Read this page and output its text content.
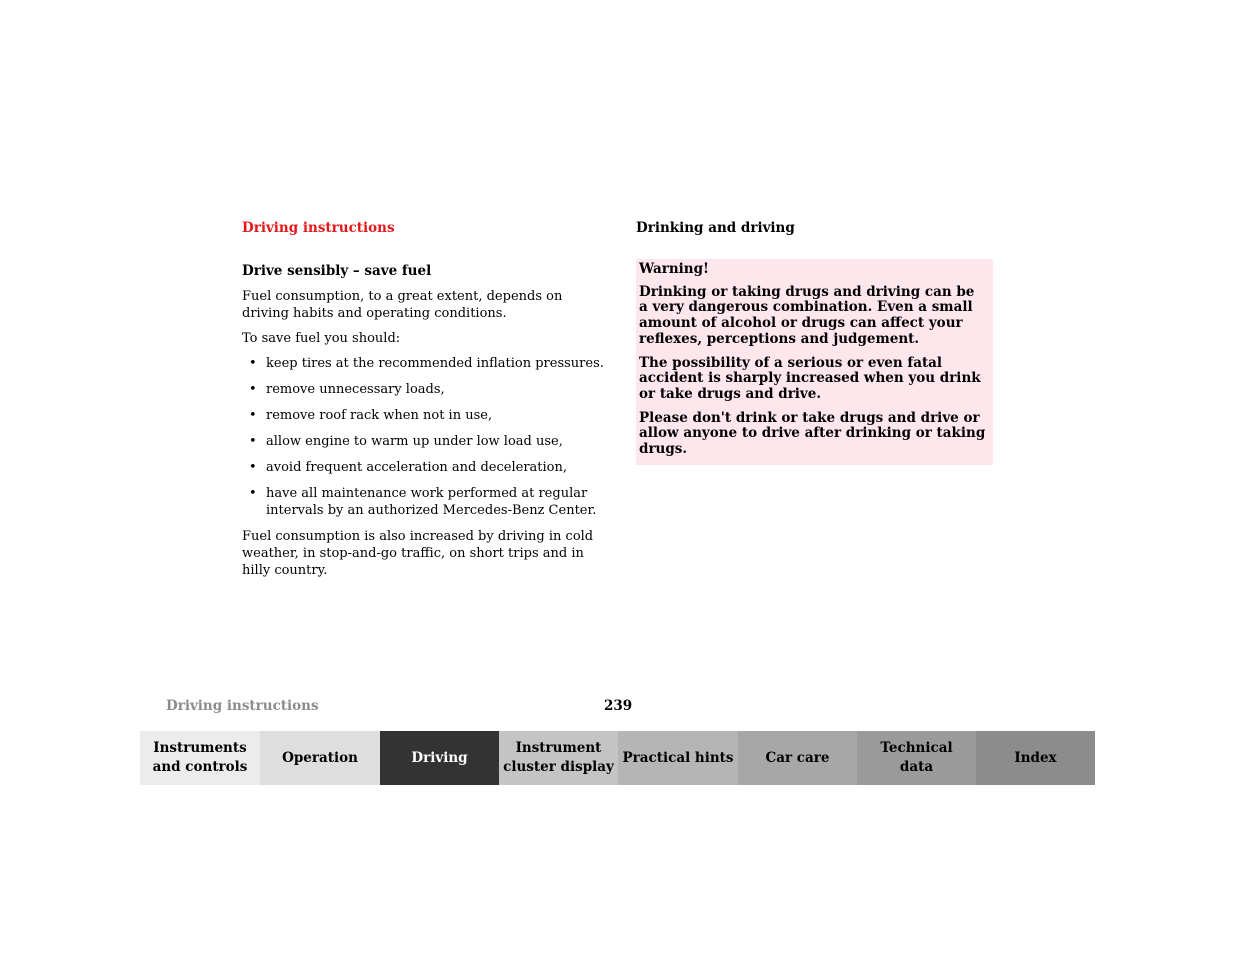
Driving instructions
Drive sensibly – save fuel

Fuel consumption, to a great extent, depends on driving habits and operating conditions.

To save fuel you should:

• keep tires at the recommended inflation pressures.
• remove unnecessary loads,
• remove roof rack when not in use,
• allow engine to warm up under low load use,
• avoid frequent acceleration and deceleration,
• have all maintenance work performed at regular intervals by an authorized Mercedes-Benz Center.

Fuel consumption is also increased by driving in cold weather, in stop-and-go traffic, on short trips and in hilly country.

Drinking and driving

Warning!

Drinking or taking drugs and driving can be a very dangerous combination. Even a small amount of alcohol or drugs can affect your reflexes, perceptions and judgement.

The possibility of a serious or even fatal accident is sharply increased when you drink or take drugs and drive.

Please don't drink or take drugs and drive or allow anyone to drive after drinking or taking drugs.

Driving instructions	239
Instruments
and controls
Operation	Driving
Instrument
cluster display
Practical hints	Car care
Technical
data
Index
